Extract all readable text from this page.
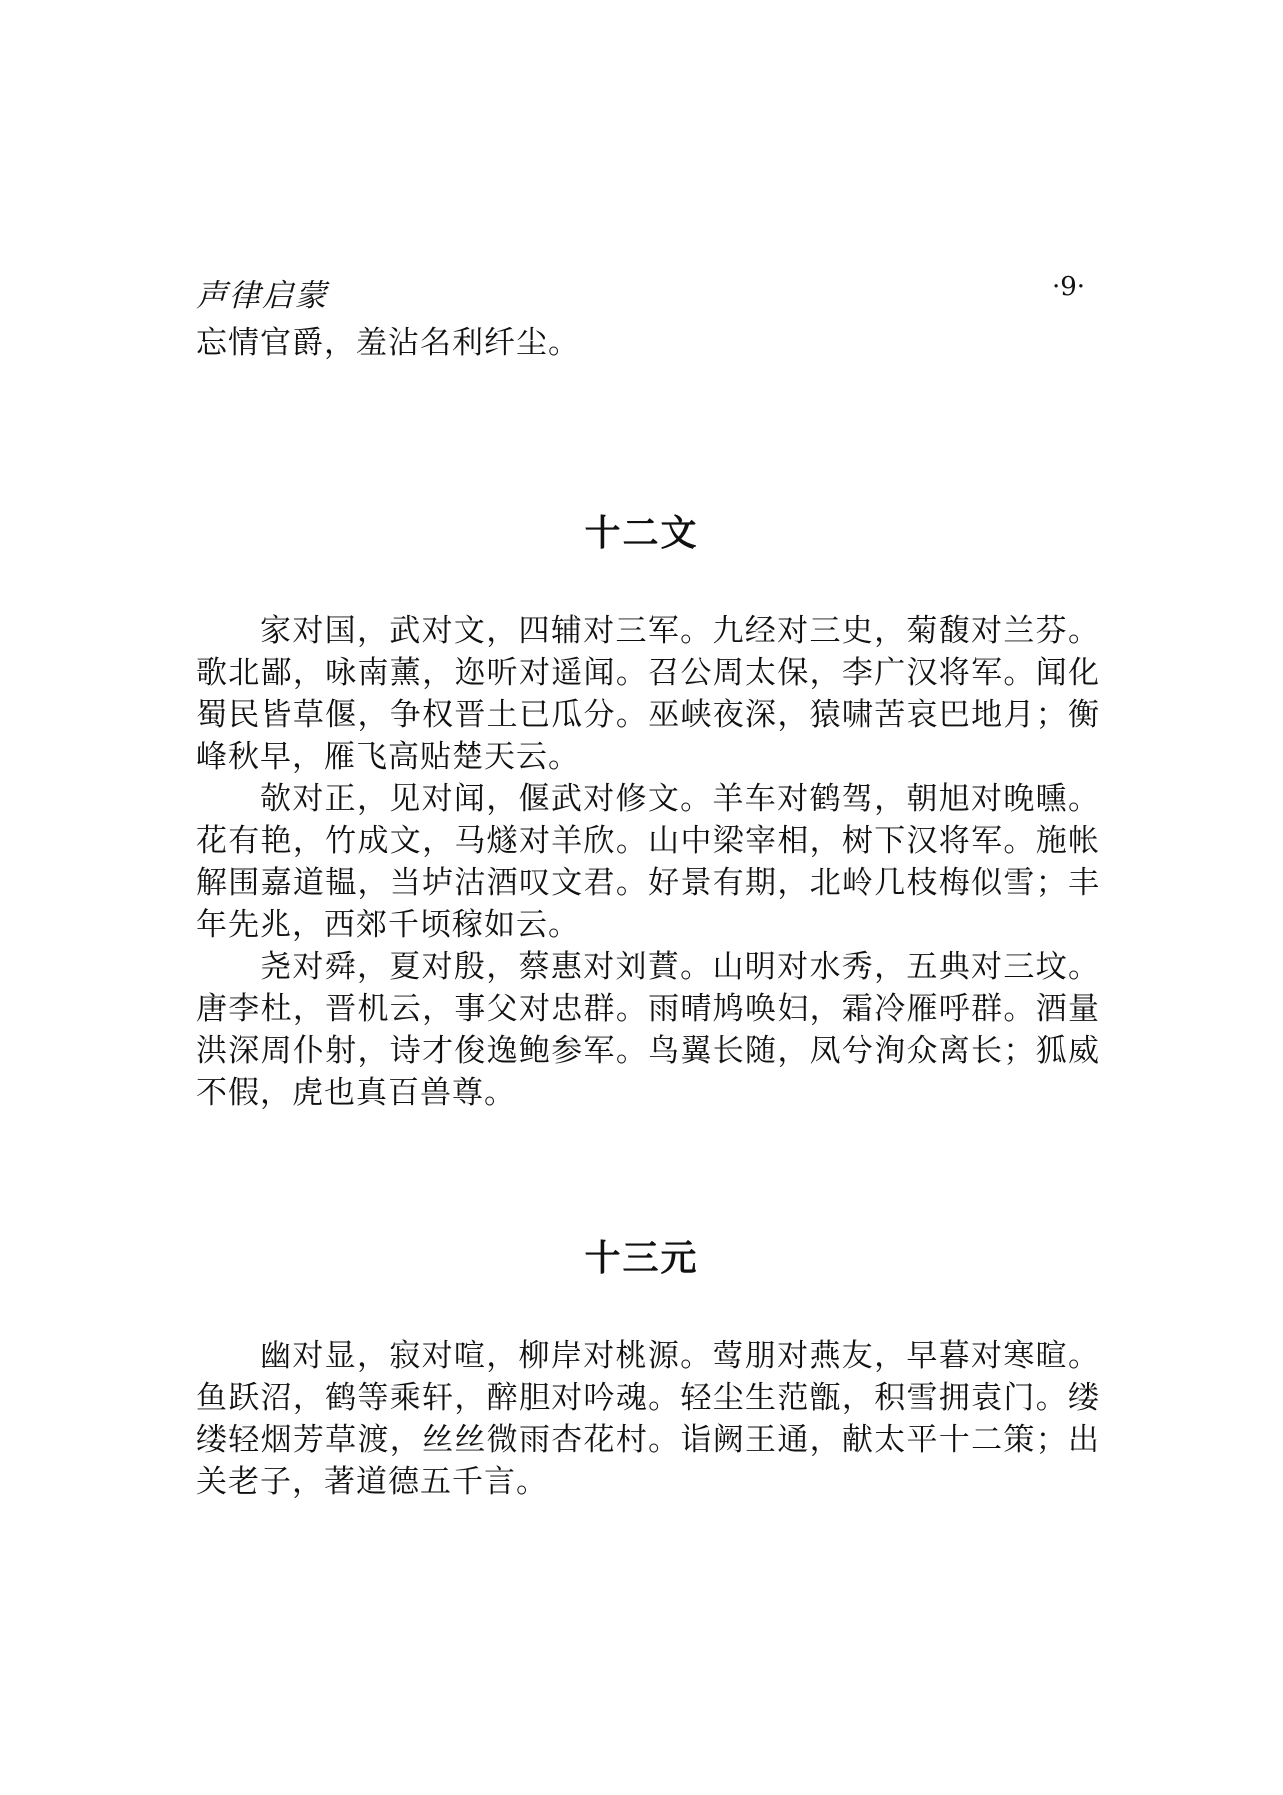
声律启蒙	·9·

忘情官爵，羞沾名利纤尘。

十二文

家对国，武对文，四辅对三军。九经对三史，菊馥对兰芬。歌北鄙，咏南薰，迩听对遥闻。召公周太保，李广汉将军。闻化蜀民皆草偃，争权晋土已瓜分。巫峡夜深，猿啸苦哀巴地月；衡峰秋早，雁飞高贴楚天云。

欹对正，见对闻，偃武对修文。羊车对鹤驾，朝旭对晚曛。花有艳，竹成文，马燧对羊欣。山中梁宰相，树下汉将军。施帐解围嘉道韫，当垆沽酒叹文君。好景有期，北岭几枝梅似雪；丰年先兆，西郊千顷稼如云。

尧对舜，夏对殷，蔡惠对刘蕡。山明对水秀，五典对三坟。唐李杜，晋机云，事父对忠群。雨晴鸠唤妇，霜冷雁呼群。酒量洪深周仆射，诗才俊逸鲍参军。鸟翼长随，凤兮洵众离长；狐威不假，虎也真百兽尊。

十三元

幽对显，寂对喧，柳岸对桃源。莺朋对燕友，早暮对寒暄。鱼跃沼，鹤等乘轩，醉胆对吟魂。轻尘生范甑，积雪拥袁门。缕缕轻烟芳草渡，丝丝微雨杏花村。诣阙王通，献太平十二策；出关老子，著道德五千言。
